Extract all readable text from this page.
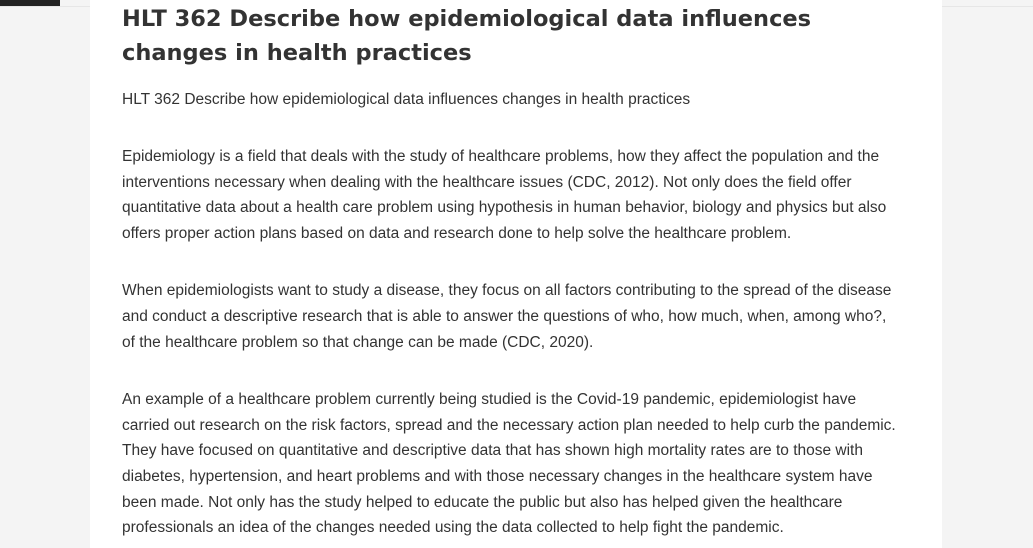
HLT 362 Describe how epidemiological data influences changes in health practices

HLT 362 Describe how epidemiological data influences changes in health practices

Epidemiology is a field that deals with the study of healthcare problems, how they affect the population and the interventions necessary when dealing with the healthcare issues (CDC, 2012). Not only does the field offer quantitative data about a health care problem using hypothesis in human behavior, biology and physics but also offers proper action plans based on data and research done to help solve the healthcare problem.

When epidemiologists want to study a disease, they focus on all factors contributing to the spread of the disease and conduct a descriptive research that is able to answer the questions of who, how much, when, among who?, of the healthcare problem so that change can be made (CDC, 2020).

An example of a healthcare problem currently being studied is the Covid-19 pandemic, epidemiologist have carried out research on the risk factors, spread and the necessary action plan needed to help curb the pandemic. They have focused on quantitative and descriptive data that has shown high mortality rates are to those with diabetes, hypertension, and heart problems and with those necessary changes in the healthcare system have been made. Not only has the study helped to educate the public but also has helped given the healthcare professionals an idea of the changes needed using the data collected to help fight the pandemic.
